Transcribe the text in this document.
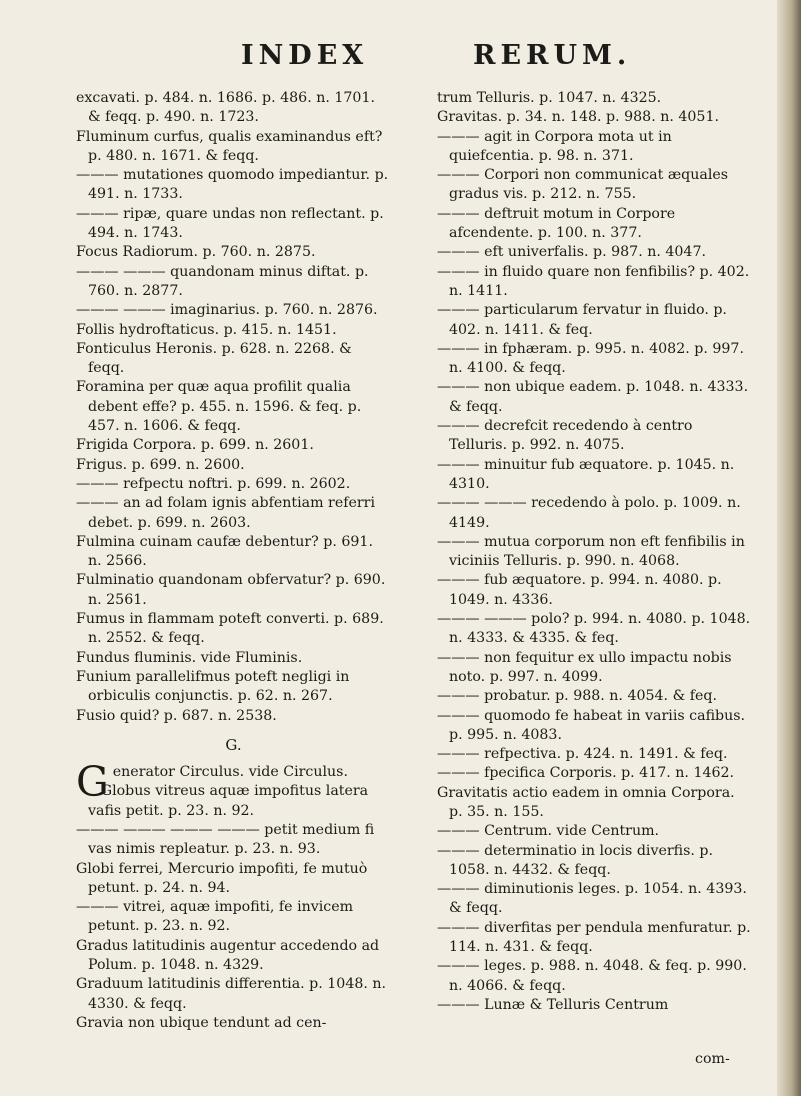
INDEX	RERUM.
excavati. p. 484. n. 1686. p. 486. n. 1701. & feqq. p. 490. n. 1723.
Fluminum curfus, qualis examinandus eft? p. 480. n. 1671. & feqq.
——— mutationes quomodo impediantur. p. 491. n. 1733.
——— ripæ, quare undas non reflectant. p. 494. n. 1743.
Focus Radiorum. p. 760. n. 2875.
——— ——— quandonam minus diftat. p. 760. n. 2877.
——— ——— imaginarius. p. 760. n. 2876.
Follis hydroftaticus. p. 415. n. 1451.
Fonticulus Heronis. p. 628. n. 2268. & feqq.
Foramina per quæ aqua profilit qualia debent effe? p. 455. n. 1596. & feq. p. 457. n. 1606. & feqq.
Frigida Corpora. p. 699. n. 2601.
Frigus. p. 699. n. 2600.
——— refpectu noftri. p. 699. n. 2602.
——— an ad folam ignis abfentiam referri debet. p. 699. n. 2603.
Fulmina cuinam caufæ debentur? p. 691. n. 2566.
Fulminatio quandonam obfervatur? p. 690. n. 2561.
Fumus in flammam poteft converti. p. 689. n. 2552. & feqq.
Fundus fluminis. vide Fluminis.
Funium parallelifmus poteft negligi in orbiculis conjunctis. p. 62. n. 267.
Fusio quid? p. 687. n. 2538.
G.
Generator Circulus. vide Circulus.
Globus vitreus aquæ impofitus latera vafis petit. p. 23. n. 92.
——— ——— ——— ——— petit medium fi vas nimis repleatur. p. 23. n. 93.
Globi ferrei, Mercurio impofiti, fe mutuò petunt. p. 24. n. 94.
——— vitrei, aquæ impofiti, fe invicem petunt. p. 23. n. 92.
Gradus latitudinis augentur accedendo ad Polum. p. 1048. n. 4329.
Graduum latitudinis differentia. p. 1048. n. 4330. & feqq.
Gravia non ubique tendunt ad cen-
trum Telluris. p. 1047. n. 4325.
Gravitas. p. 34. n. 148. p. 988. n. 4051.
——— agit in Corpora mota ut in quiefcentia. p. 98. n. 371.
——— Corpori non communicat æquales gradus vis. p. 212. n. 755.
——— deftruit motum in Corpore afcendente. p. 100. n. 377.
——— eft univerfalis. p. 987. n. 4047.
——— in fluido quare non fenfibilis? p. 402. n. 1411.
——— particularum fervatur in fluido. p. 402. n. 1411. & feq.
——— in fphæram. p. 995. n. 4082. p. 997. n. 4100. & feqq.
——— non ubique eadem. p. 1048. n. 4333. & feqq.
——— decrefcit recedendo à centro Telluris. p. 992. n. 4075.
——— minuitur fub æquatore. p. 1045. n. 4310.
——— ——— recedendo à polo. p. 1009. n. 4149.
——— mutua corporum non eft fenfibilis in viciniis Telluris. p. 990. n. 4068.
——— fub æquatore. p. 994. n. 4080. p. 1049. n. 4336.
——— ——— polo? p. 994. n. 4080. p. 1048. n. 4333. & 4335. & feq.
——— non fequitur ex ullo impactu nobis noto. p. 997. n. 4099.
——— probatur. p. 988. n. 4054. & feq.
——— quomodo fe habeat in variis cafibus. p. 995. n. 4083.
——— refpectiva. p. 424. n. 1491. & feq.
——— fpecifica Corporis. p. 417. n. 1462.
Gravitatis actio eadem in omnia Corpora. p. 35. n. 155.
——— Centrum. vide Centrum.
——— determinatio in locis diverfis. p. 1058. n. 4432. & feqq.
——— diminutionis leges. p. 1054. n. 4393. & feqq.
——— diverfitas per pendula menfuratur. p. 114. n. 431. & feqq.
——— leges. p. 988. n. 4048. & feq. p. 990. n. 4066. & feqq.
——— Lunæ & Telluris Centrum
com-
